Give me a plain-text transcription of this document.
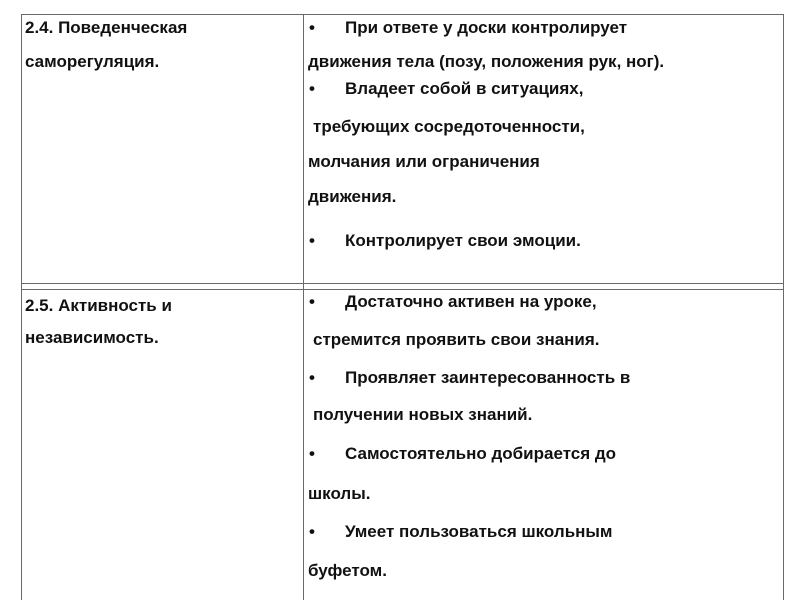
2.4. Поведенческая
саморегуляция.
• При ответе у доски контролирует
движения тела (позу, положения рук, ног).
• Владеет собой в ситуациях,
требующих сосредоточенности,
молчания или ограничения
движения.
• Контролирует свои эмоции.
2.5. Активность и
независимость.
• Достаточно активен на уроке,
стремится проявить свои знания.
• Проявляет заинтересованность в
получении новых знаний.
• Самостоятельно добирается до
школы.
• Умеет пользоваться школьным
буфетом.
